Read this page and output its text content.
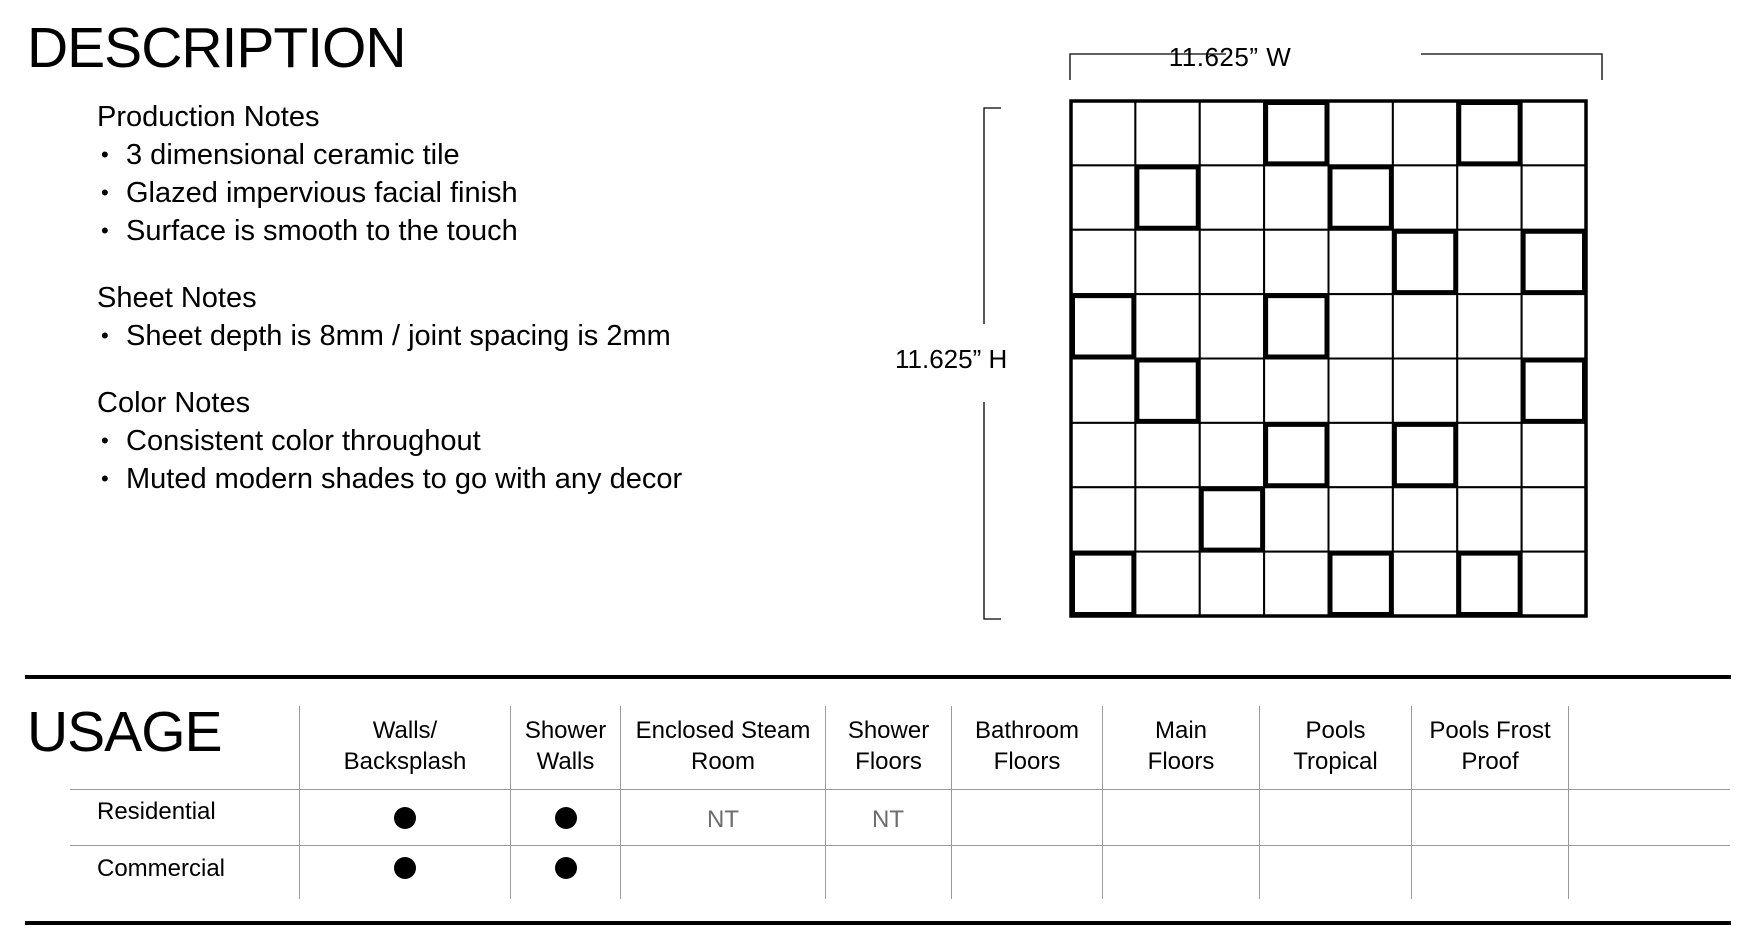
DESCRIPTION
Production Notes
• 3 dimensional ceramic tile
• Glazed impervious facial finish
• Surface is smooth to the touch
Sheet Notes
• Sheet depth is 8mm / joint spacing is 2mm
Color Notes
• Consistent color throughout
• Muted modern shades to go with any decor
11.625” W
11.625” H
USAGE	Walls/
Backsplash
Shower
Walls
Enclosed Steam
Room
Shower
Floors
Bathroom
Floors
Main
Floors
Pools
Tropical
Pools Frost
Proof
Residential
Commercial
NT	NT
